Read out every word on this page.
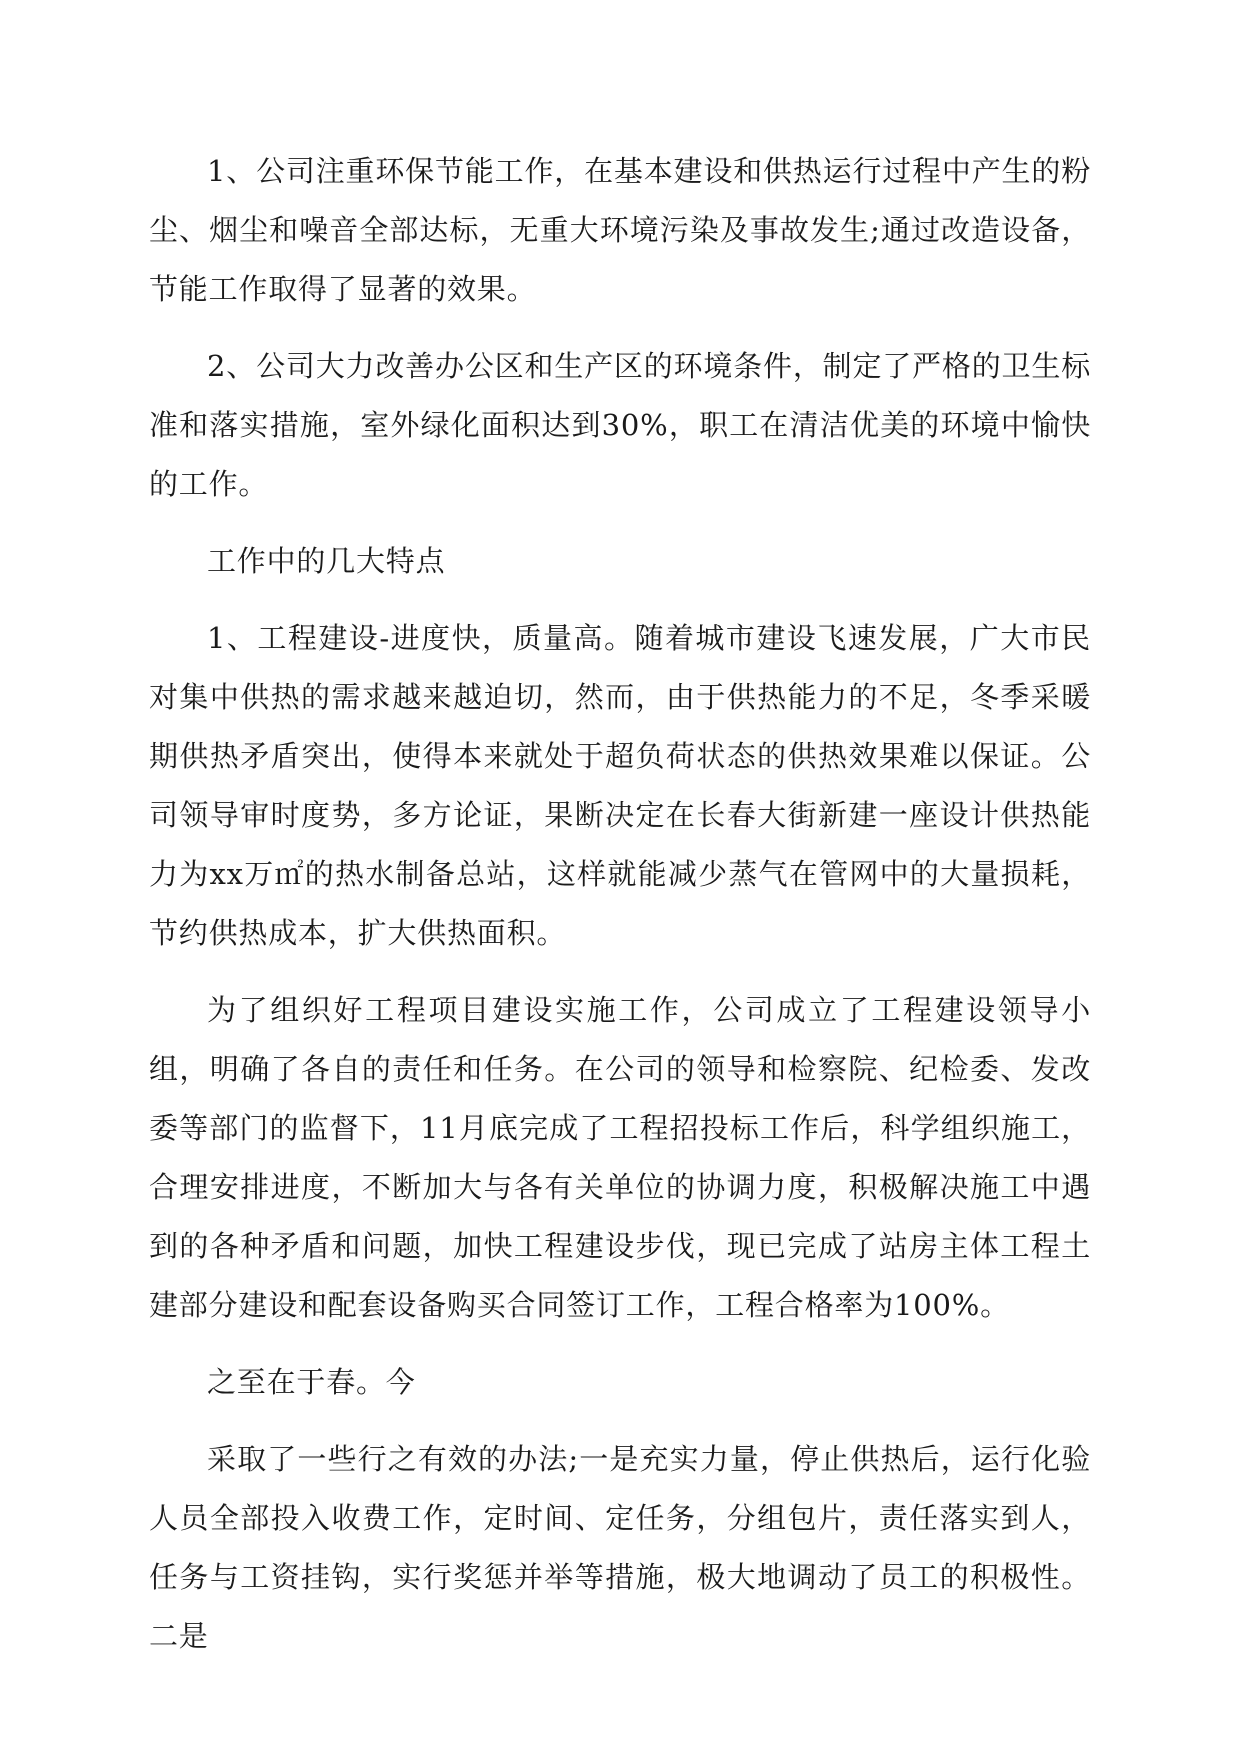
1、公司注重环保节能工作，在基本建设和供热运行过程中产生的粉尘、烟尘和噪音全部达标，无重大环境污染及事故发生;通过改造设备，节能工作取得了显著的效果。

2、公司大力改善办公区和生产区的环境条件，制定了严格的卫生标准和落实措施，室外绿化面积达到30%，职工在清洁优美的环境中愉快的工作。

工作中的几大特点

1、工程建设-进度快，质量高。随着城市建设飞速发展，广大市民对集中供热的需求越来越迫切，然而，由于供热能力的不足，冬季采暖期供热矛盾突出，使得本来就处于超负荷状态的供热效果难以保证。公司领导审时度势，多方论证，果断决定在长春大街新建一座设计供热能力为xx万㎡的热水制备总站，这样就能减少蒸气在管网中的大量损耗，节约供热成本，扩大供热面积。

为了组织好工程项目建设实施工作，公司成立了工程建设领导小组，明确了各自的责任和任务。在公司的领导和检察院、纪检委、发改委等部门的监督下，11月底完成了工程招投标工作后，科学组织施工，合理安排进度，不断加大与各有关单位的协调力度，积极解决施工中遇到的各种矛盾和问题，加快工程建设步伐，现已完成了站房主体工程土建部分建设和配套设备购买合同签订工作，工程合格率为100%。

之至在于春。今

采取了一些行之有效的办法;一是充实力量，停止供热后，运行化验人员全部投入收费工作，定时间、定任务，分组包片，责任落实到人，任务与工资挂钩，实行奖惩并举等措施，极大地调动了员工的积极性。二是
